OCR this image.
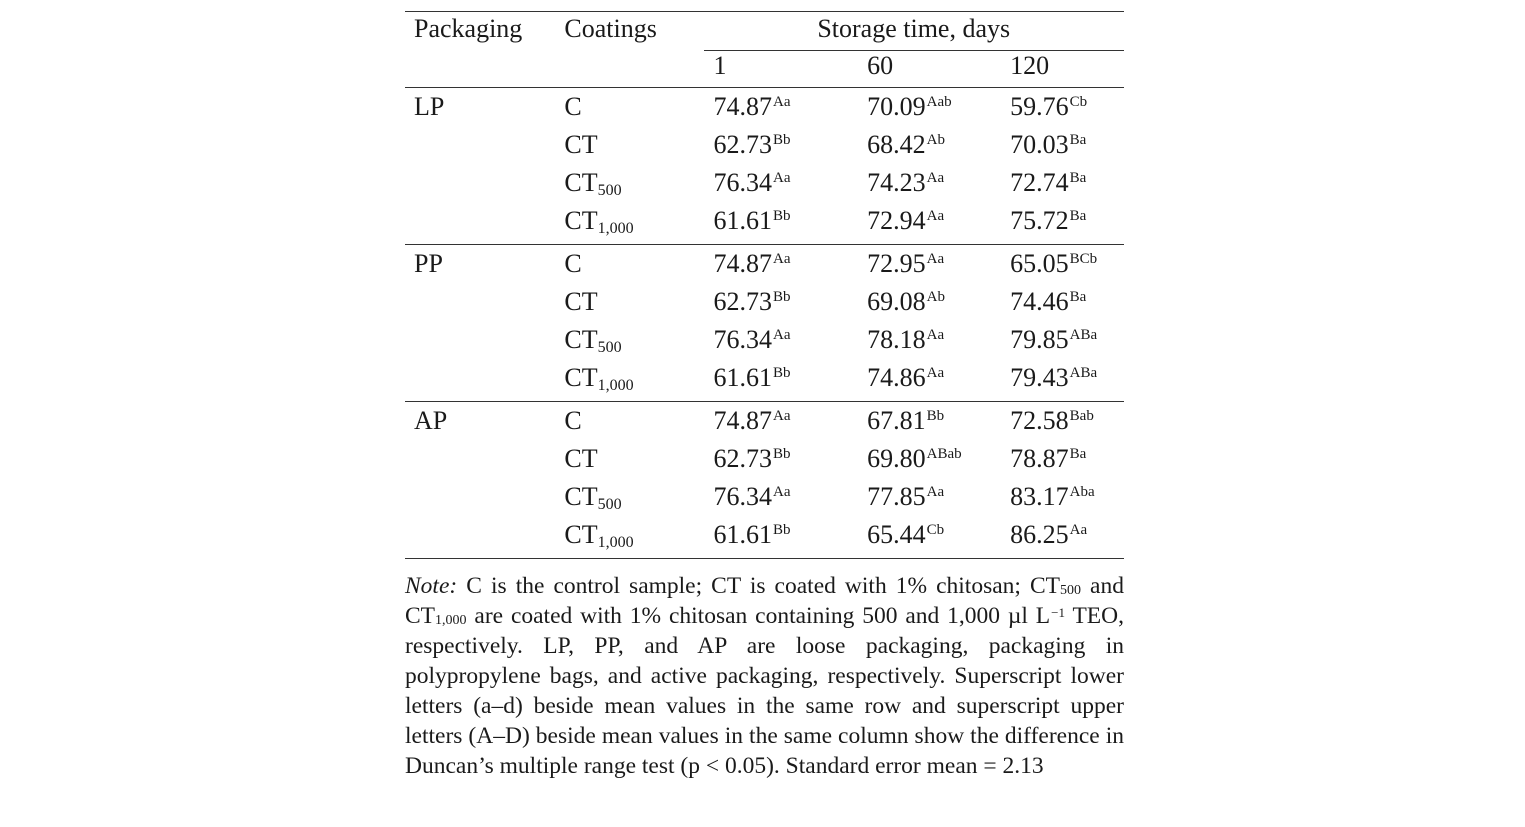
Packaging	Coatings	Storage time, days		
		1	60	120
LP	C	$74.87^{Aa}$	$70.09^{Aab}$	$59.76^{Cb}$
	CT	$62.73^{Bb}$	$68.42^{Ab}$	$70.03^{Ba}$
	$CT_{500}$	$76.34^{Aa}$	$74.23^{Aa}$	$72.74^{Ba}$
	$CT_{1,000}$	$61.61^{Bb}$	$72.94^{Aa}$	$75.72^{Ba}$
PP	C	$74.87^{Aa}$	$72.95^{Aa}$	$65.05^{BCb}$
	CT	$62.73^{Bb}$	$69.08^{Ab}$	$74.46^{Ba}$
	$CT_{500}$	$76.34^{Aa}$	$78.18^{Aa}$	$79.85^{ABa}$
	$CT_{1,000}$	$61.61^{Bb}$	$74.86^{Aa}$	$79.43^{ABa}$
AP	C	$74.87^{Aa}$	$67.81^{Bb}$	$72.58^{Bab}$
	CT	$62.73^{Bb}$	$69.80^{ABab}$	$78.87^{Ba}$
	$CT_{500}$	$76.34^{Aa}$	$77.85^{Aa}$	$83.17^{Aba}$
	$CT_{1,000}$	$61.61^{Bb}$	$65.44^{Cb}$	$86.25^{Aa}$
Note: C is the control sample; CT is coated with 1% chitosan; $CT_{500}$ and $CT_{1,000}$ are coated with 1% chitosan containing 500 and 1,000 µl $L^{-1}$ TEO, respectively. LP, PP, and AP are loose packaging, packaging in polypropylene bags, and active packaging, respectively. Superscript lower letters (a–d) beside mean values in the same row and superscript upper letters (A–D) beside mean values in the same column show the difference in Duncan’s multiple range test (p < 0.05). Standard error mean = 2.13
